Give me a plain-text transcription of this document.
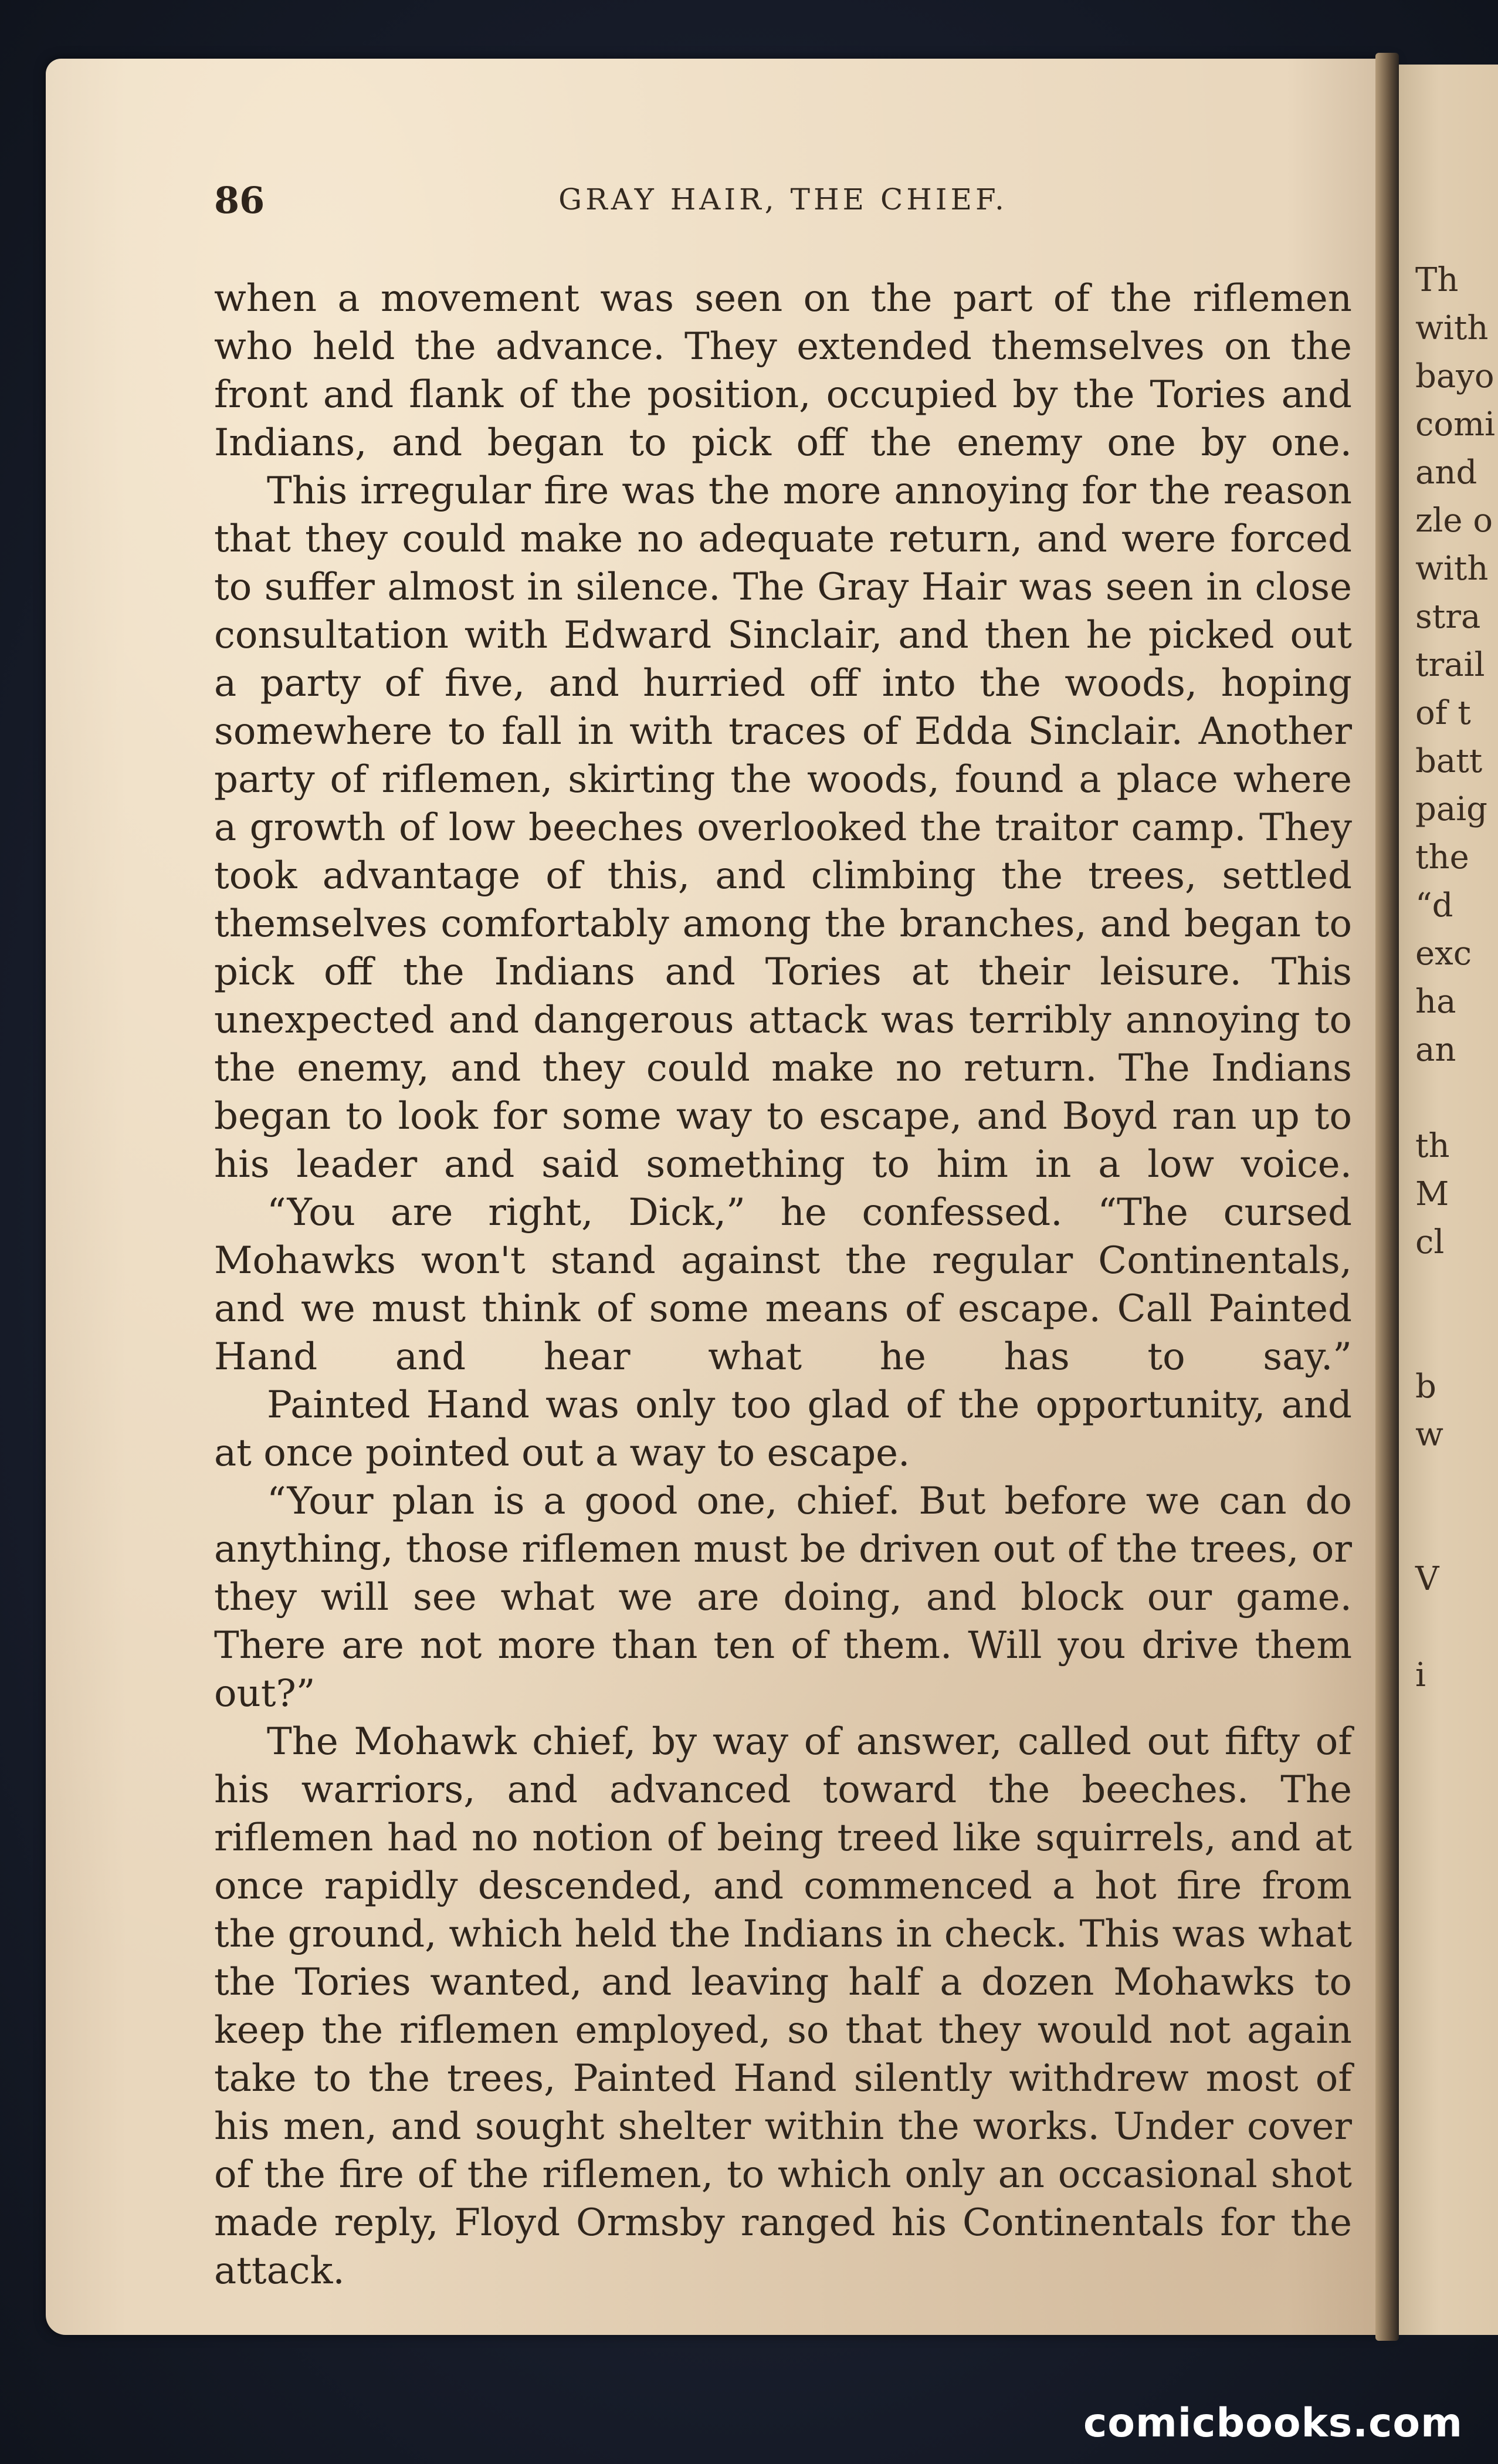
Th
with
bayo
comi
and
zle o
with
stra
trail
of t
batt
paig
the
“d
exc
ha
an
th
M
cl
b
w
V
i
86	GRAY HAIR, THE CHIEF.

when a movement was seen on the part of the riflemen who held the advance. They extended themselves on the front and flank of the position, occupied by the Tories and Indians, and began to pick off the enemy one by one.

This irregular fire was the more annoying for the reason that they could make no adequate return, and were forced to suffer almost in silence. The Gray Hair was seen in close consultation with Edward Sinclair, and then he picked out a party of five, and hurried off into the woods, hoping somewhere to fall in with traces of Edda Sinclair. Another party of riflemen, skirting the woods, found a place where a growth of low beeches overlooked the traitor camp. They took advantage of this, and climbing the trees, settled themselves comfortably among the branches, and began to pick off the Indians and Tories at their leisure. This unexpected and dangerous attack was terribly annoying to the enemy, and they could make no return. The Indians began to look for some way to escape, and Boyd ran up to his leader and said something to him in a low voice.

“You are right, Dick,” he confessed. “The cursed Mohawks won't stand against the regular Continentals, and we must think of some means of escape. Call Painted Hand and hear what he has to say.”

Painted Hand was only too glad of the opportunity, and at once pointed out a way to escape.

“Your plan is a good one, chief. But before we can do anything, those riflemen must be driven out of the trees, or they will see what we are doing, and block our game. There are not more than ten of them. Will you drive them out?”

The Mohawk chief, by way of answer, called out fifty of his warriors, and advanced toward the beeches. The riflemen had no notion of being treed like squirrels, and at once rapidly descended, and commenced a hot fire from the ground, which held the Indians in check. This was what the Tories wanted, and leaving half a dozen Mohawks to keep the riflemen employed, so that they would not again take to the trees, Painted Hand silently withdrew most of his men, and sought shelter within the works. Under cover of the fire of the riflemen, to which only an occasional shot made reply, Floyd Ormsby ranged his Continentals for the attack.

comicbooks.com
